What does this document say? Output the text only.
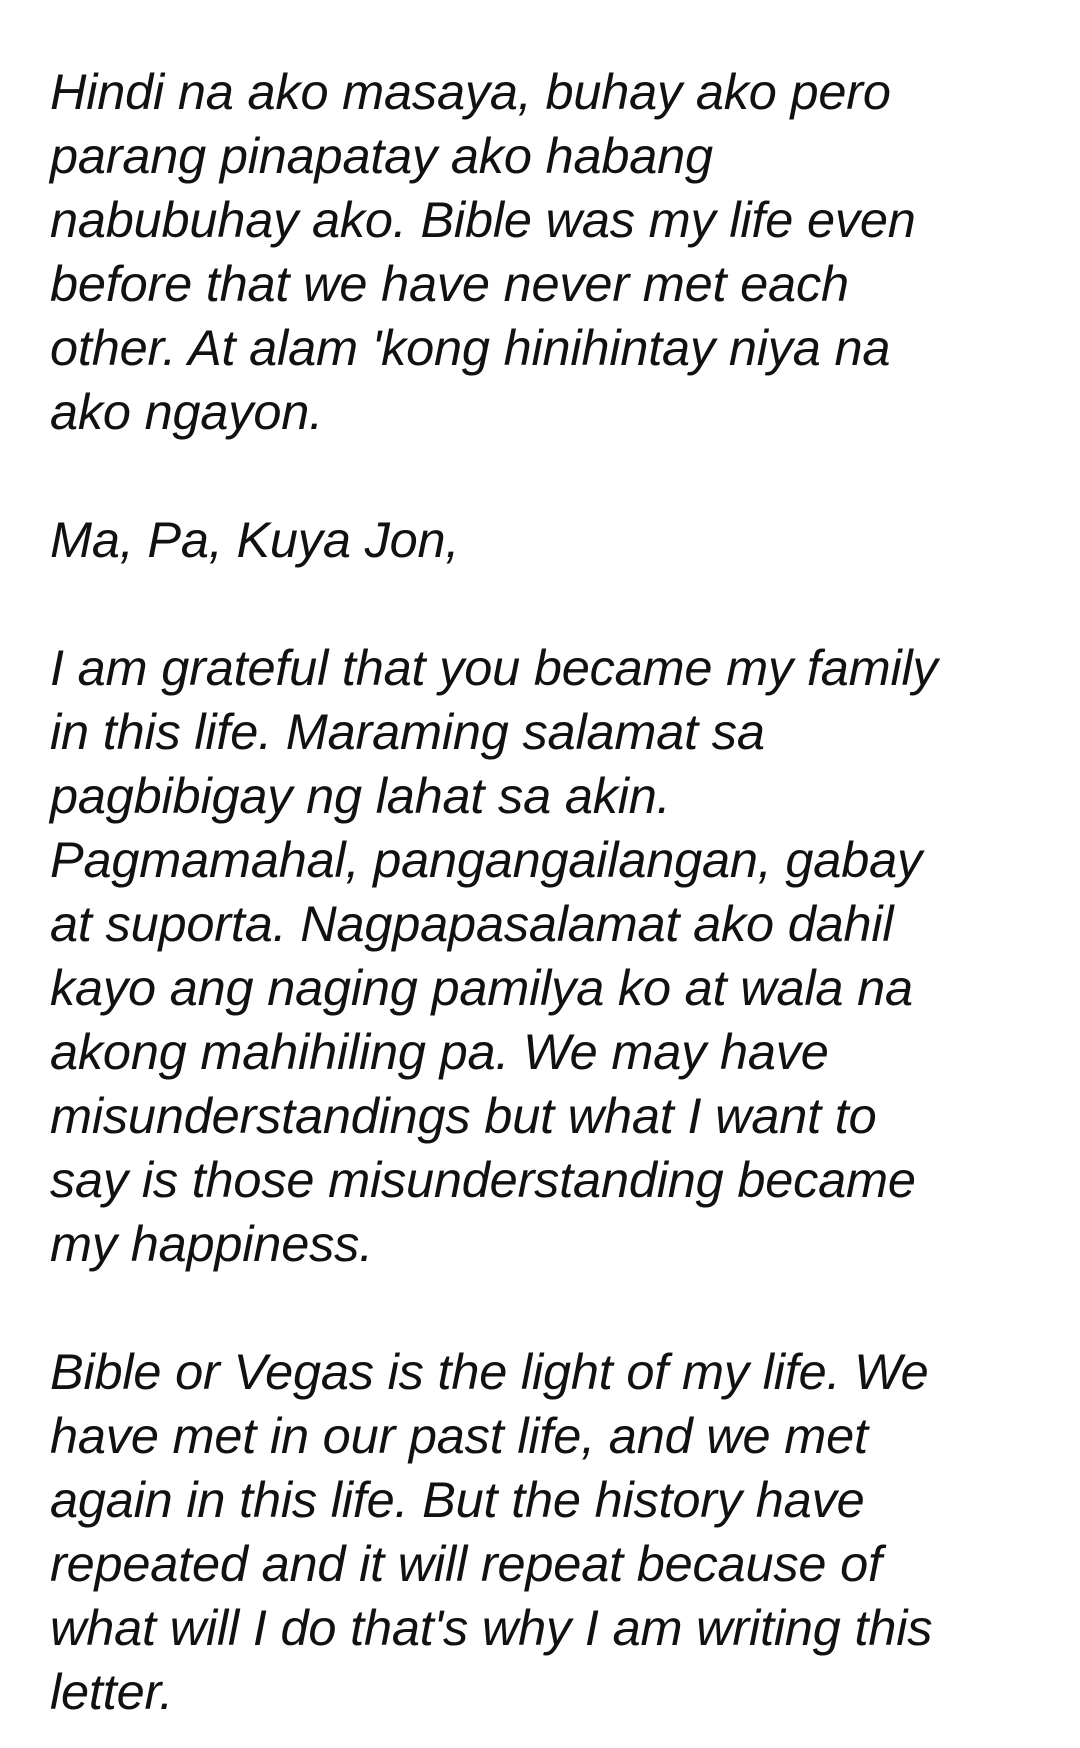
Hindi na ako masaya, buhay ako pero
parang pinapatay ako habang
nabubuhay ako. Bible was my life even
before that we have never met each
other. At alam 'kong hinihintay niya na
ako ngayon.
Ma, Pa, Kuya Jon,
I am grateful that you became my family
in this life. Maraming salamat sa
pagbibigay ng lahat sa akin.
Pagmamahal, pangangailangan, gabay
at suporta. Nagpapasalamat ako dahil
kayo ang naging pamilya ko at wala na
akong mahihiling pa. We may have
misunderstandings but what I want to
say is those misunderstanding became
my happiness.
Bible or Vegas is the light of my life. We
have met in our past life, and we met
again in this life. But the history have
repeated and it will repeat because of
what will I do that's why I am writing this
letter.
